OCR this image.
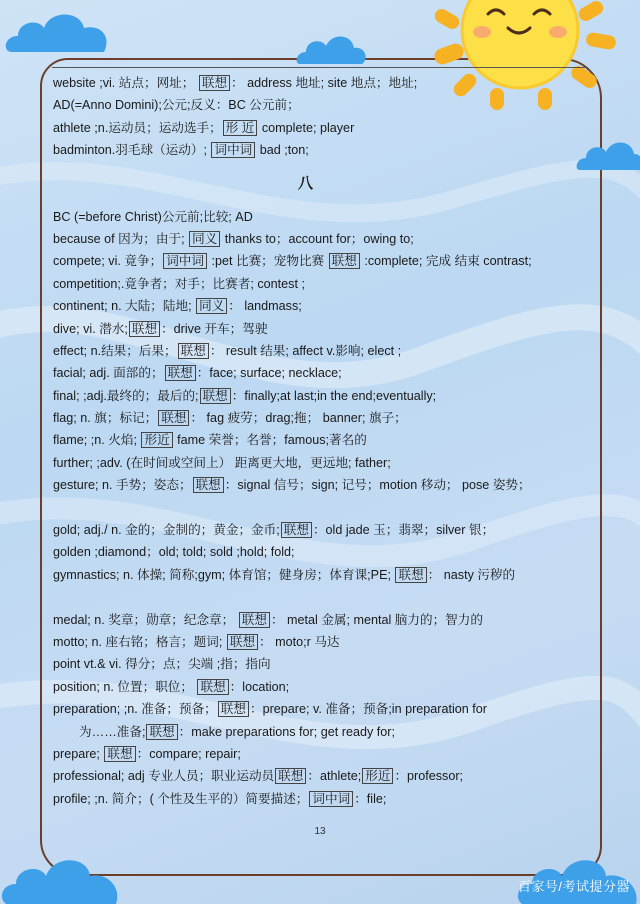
website ;vi. 站点；网址； 联想 ： address 地址; site 地点；地址;
AD(=Anno Domini);公元;反义：BC 公元前；
athlete ;n.运动员；运动选手； 形 近 complete; player
badminton.羽毛球（运动）; 词中词 bad ;ton;
八
BC (=before Christ)公元前;比较; AD
because of 因为；由于; 同义 thanks to；account for；owing to;
compete; vi. 竟争； 词中词 :pet 比赛；宠物比赛 联想 :complete; 完成 结束 contrast;
competition;.竟争者；对手；比赛者; contest ;
continent; n. 大陆；陆地; 同义 ： landmass;
dive; vi. 潜水; 联想 ：drive 开车；驾驶
effect; n.结果；后果； 联想 ： result 结果; affect v.影响; elect ;
facial; adj. 面部的； 联想 ：face; surface; necklace;
final; ;adj.最终的；最后的; 联想 ：finally;at last;in the end;eventually;
flag; n. 旗；标记； 联想 ： fag 疲劳；drag;拖； banner; 旗子；
flame; ;n. 火焰; 形近 fame 荣誉；名誉；famous;著名的
further; ;adv. (在时间或空间上） 距离更大地，更远地; father;
gesture; n. 手势；姿态； 联想 ：signal 信号；sign; 记号；motion 移动； pose 姿势；
gold; adj./ n. 金的；金制的；黄金；金币; 联想 ：old jade 玉；翡翠；silver 银；
golden ;diamond；old; told; sold ;hold; fold;
gymnastics; n. 体操; 简称;gym; 体育馆；健身房；体育课;PE; 联想 ： nasty 污秽的
medal; n. 奖章；勋章；纪念章； 联想 ： metal 金属; mental 脑力的；智力的
motto; n. 座右铭；格言；题词; 联想 ： moto;r 马达
point vt.& vi. 得分；点；尖端 ;指；指向
position; n. 位置；职位； 联想 ：location;
preparation; ;n. 准备；预备； 联想 ：prepare; v. 准备；预备;in preparation for
为……准备; 联想 ：make preparations for; get ready for;
prepare; 联想 ：compare; repair;
professional; adj 专业人员；职业运动员 联想 ：athlete; 形近 ：professor;
profile; ;n. 简介；( 个性及生平的）简要描述； 词中词 ：file;
13
百家号/考试提分器
